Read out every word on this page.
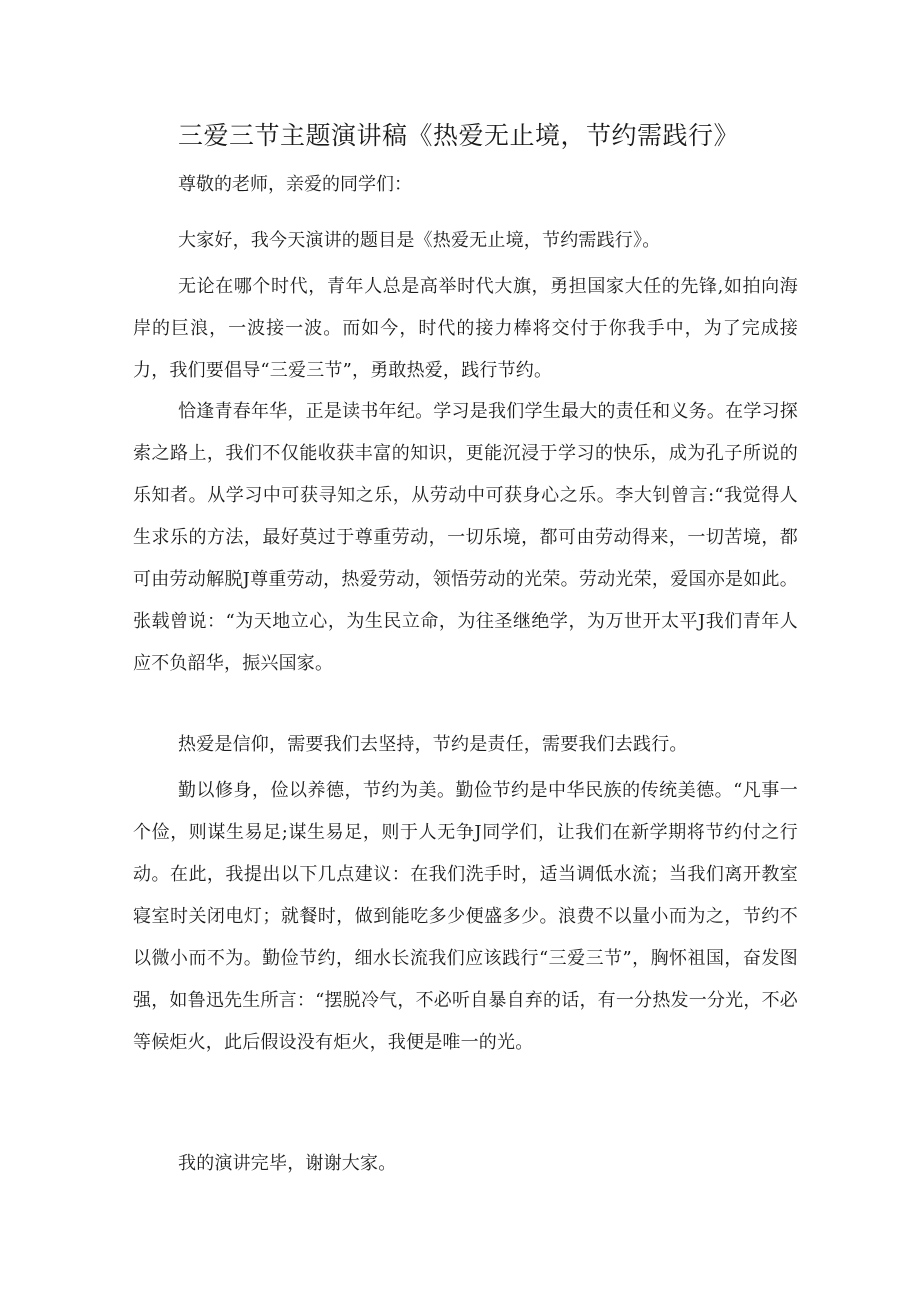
三爱三节主题演讲稿《热爱无止境，节约需践行》
尊敬的老师，亲爱的同学们：

大家好，我今天演讲的题目是《热爱无止境，节约需践行》。

无论在哪个时代，青年人总是高举时代大旗，勇担国家大任的先锋,如拍向海岸的巨浪，一波接一波。而如今，时代的接力棒将交付于你我手中，为了完成接力，我们要倡导“三爱三节”，勇敢热爱，践行节约。

恰逢青春年华，正是读书年纪。学习是我们学生最大的责任和义务。在学习探索之路上，我们不仅能收获丰富的知识，更能沉浸于学习的快乐，成为孔子所说的乐知者。从学习中可获寻知之乐，从劳动中可获身心之乐。李大钊曾言:“我觉得人生求乐的方法，最好莫过于尊重劳动，一切乐境，都可由劳动得来，一切苦境，都可由劳动解脱J尊重劳动，热爱劳动，领悟劳动的光荣。劳动光荣，爱国亦是如此。张载曾说：“为天地立心，为生民立命，为往圣继绝学，为万世开太平J我们青年人应不负韶华，振兴国家。

热爱是信仰，需要我们去坚持，节约是责任，需要我们去践行。

勤以修身，俭以养德，节约为美。勤俭节约是中华民族的传统美德。“凡事一个俭，则谋生易足;谋生易足，则于人无争J同学们，让我们在新学期将节约付之行动。在此，我提出以下几点建议：在我们洗手时，适当调低水流；当我们离开教室寝室时关闭电灯；就餐时，做到能吃多少便盛多少。浪费不以量小而为之，节约不以微小而不为。勤俭节约，细水长流我们应该践行“三爱三节”，胸怀祖国，奋发图强，如鲁迅先生所言：“摆脱冷气，不必听自暴自弃的话，有一分热发一分光，不必等候炬火，此后假设没有炬火，我便是唯一的光。

我的演讲完毕，谢谢大家。
